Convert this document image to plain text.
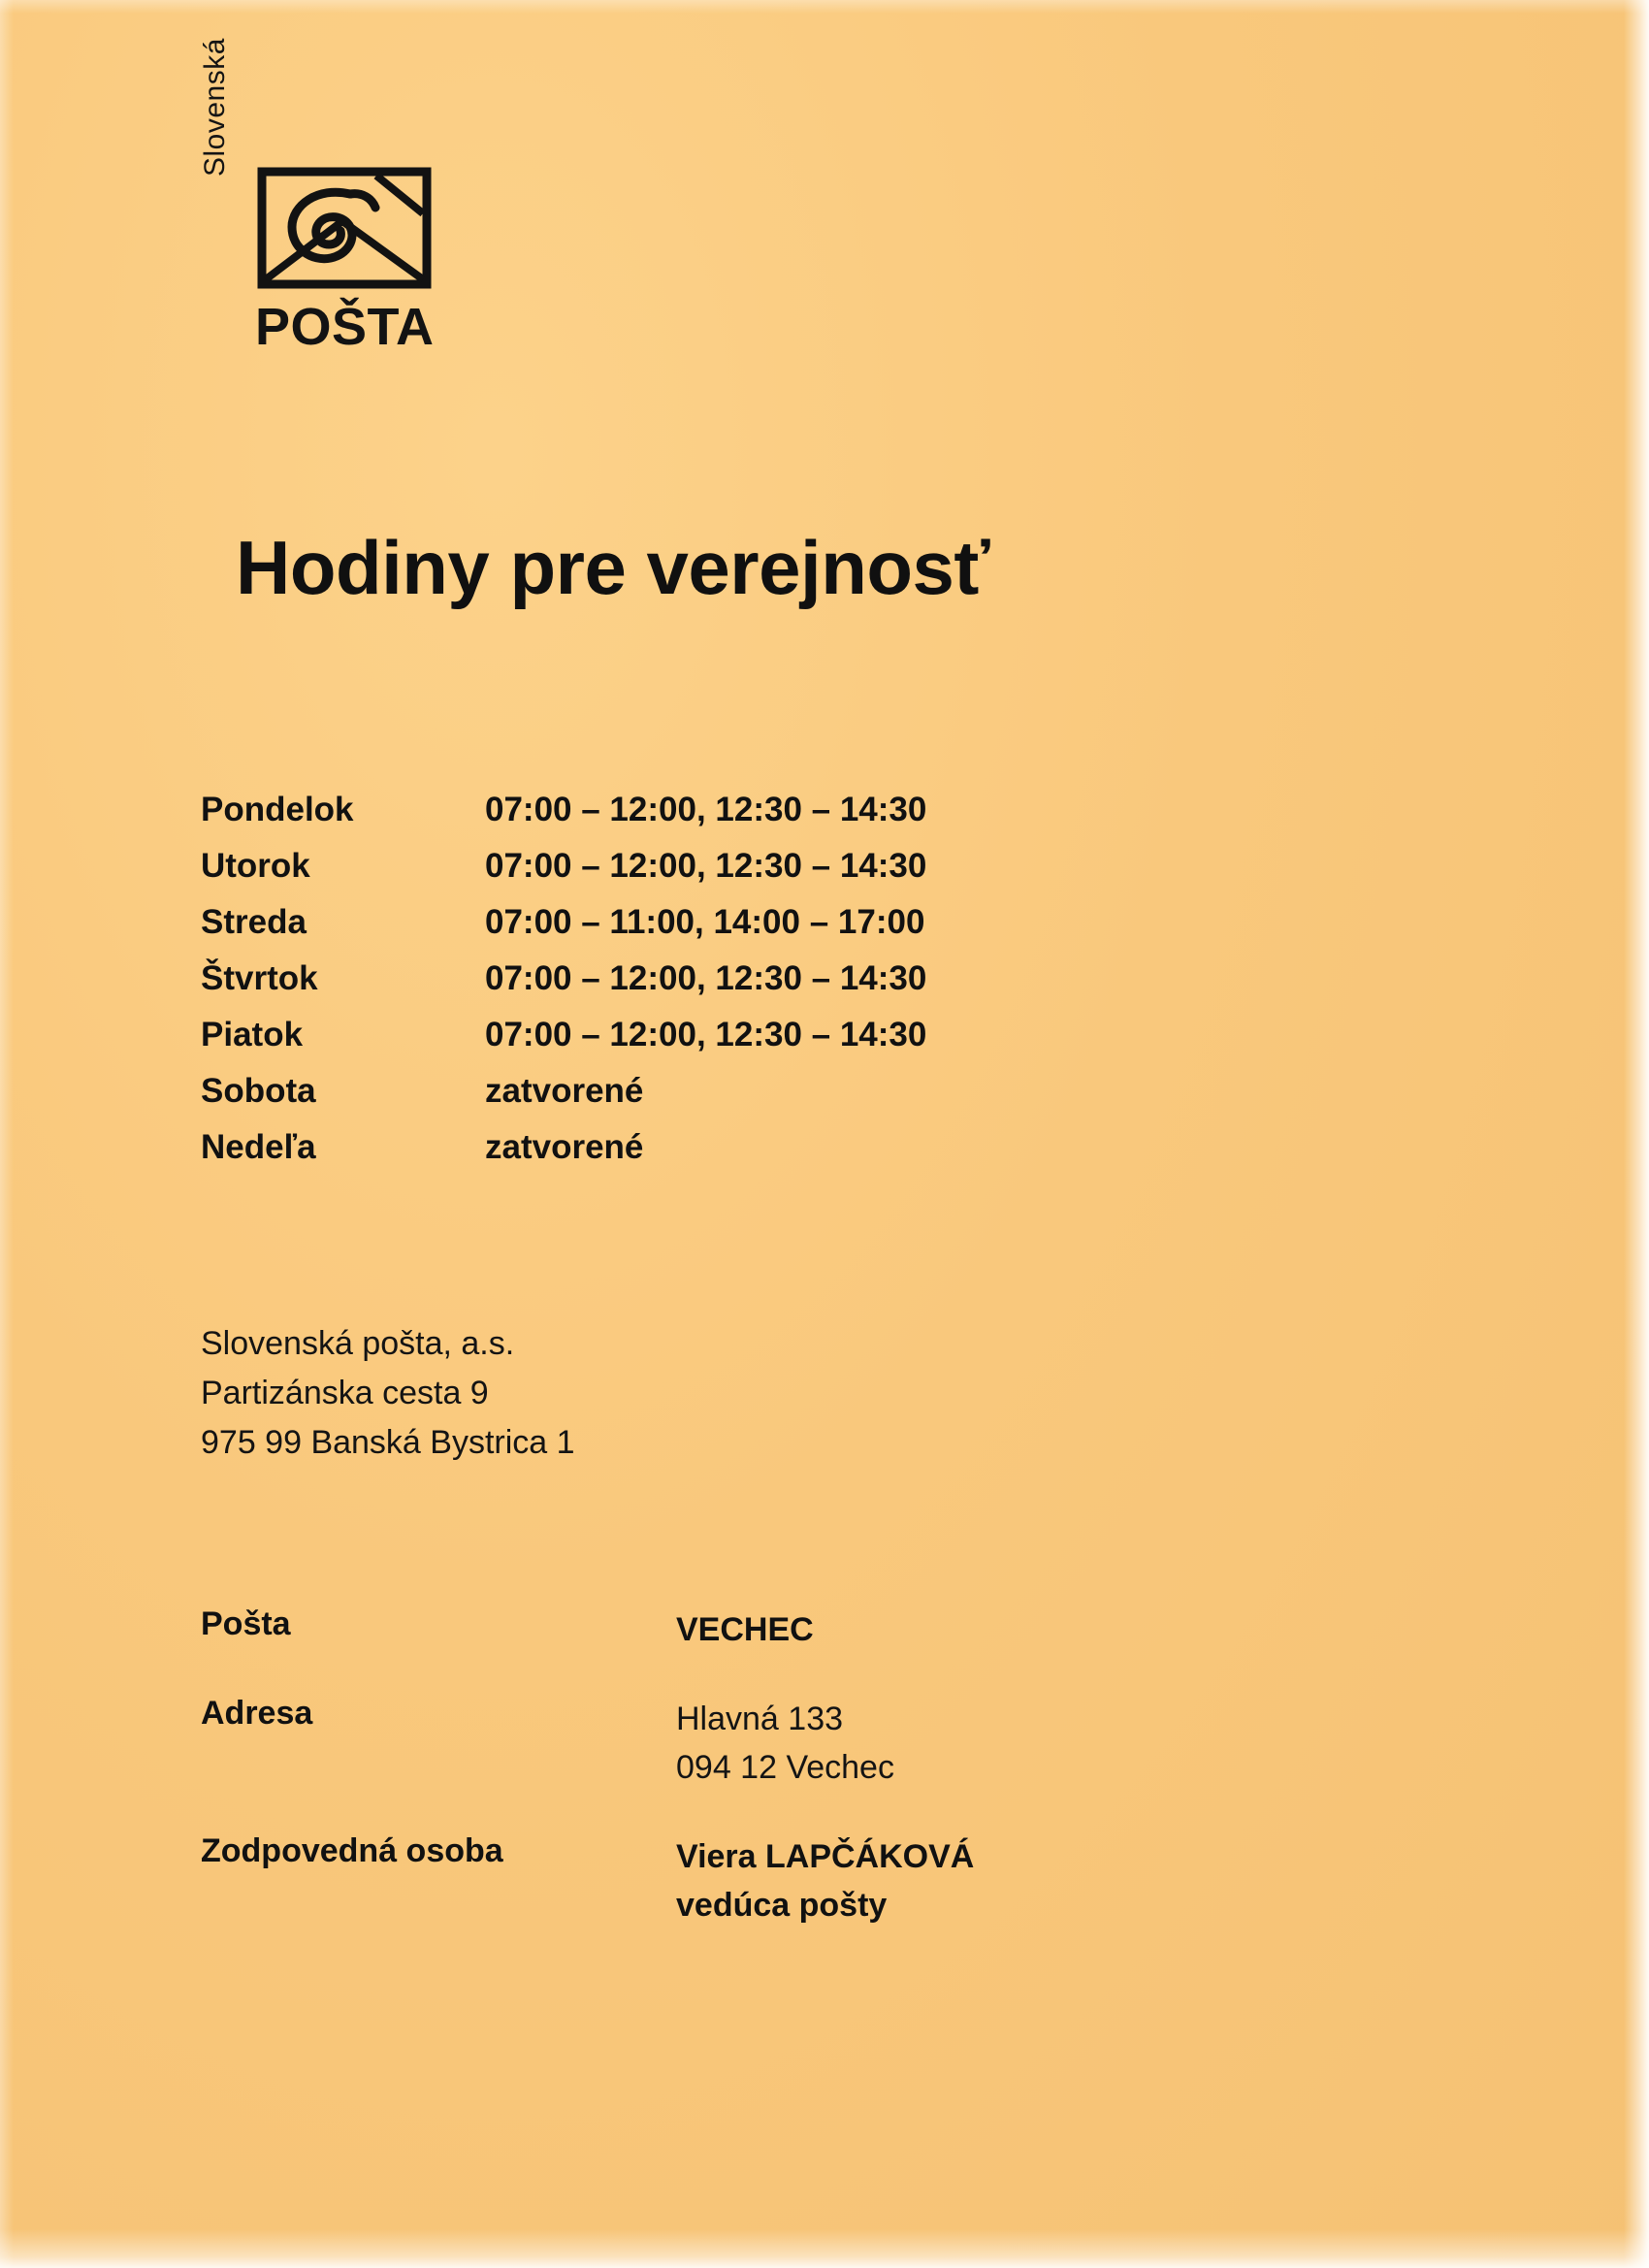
Slovenská
POŠTA
Hodiny pre verejnosť
Pondelok	07:00 – 12:00, 12:30 – 14:30
Utorok	07:00 – 12:00, 12:30 – 14:30
Streda	07:00 – 11:00, 14:00 – 17:00
Štvrtok	07:00 – 12:00, 12:30 – 14:30
Piatok	07:00 – 12:00, 12:30 – 14:30
Sobota	zatvorené
Nedeľa	zatvorené
Slovenská pošta, a.s.
Partizánska cesta 9
975 99 Banská Bystrica 1
Pošta	VECHEC
Adresa	Hlavná 133
094 12 Vechec
Zodpovedná osoba	Viera LAPČÁKOVÁ
vedúca pošty
